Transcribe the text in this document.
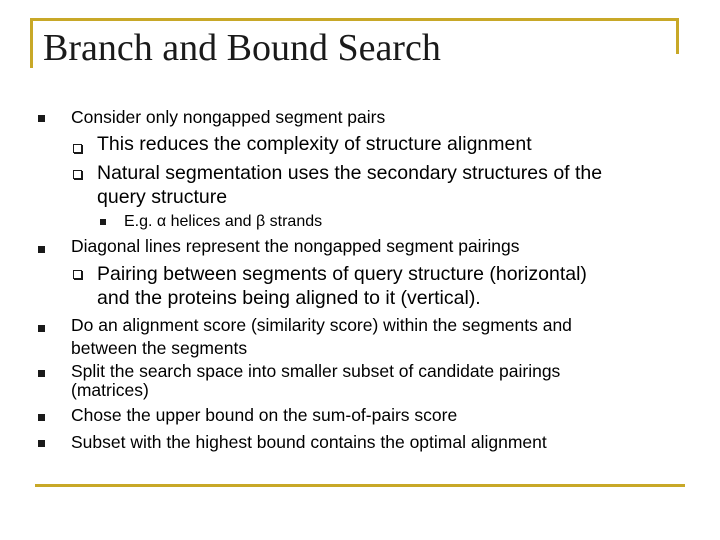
Branch and Bound Search
Consider only nongapped segment pairs
This reduces the complexity of structure alignment
Natural segmentation uses the secondary structures of the
query structure
E.g. α helices and β strands
Diagonal lines represent the nongapped segment pairings
Pairing between segments of query structure (horizontal)
and the proteins being aligned to it (vertical).
Do an alignment score (similarity score) within the segments and
between the segments
Split the search space into smaller subset of candidate pairings
(matrices)
Chose the upper bound on the sum-of-pairs score
Subset with the highest bound contains the optimal alignment
